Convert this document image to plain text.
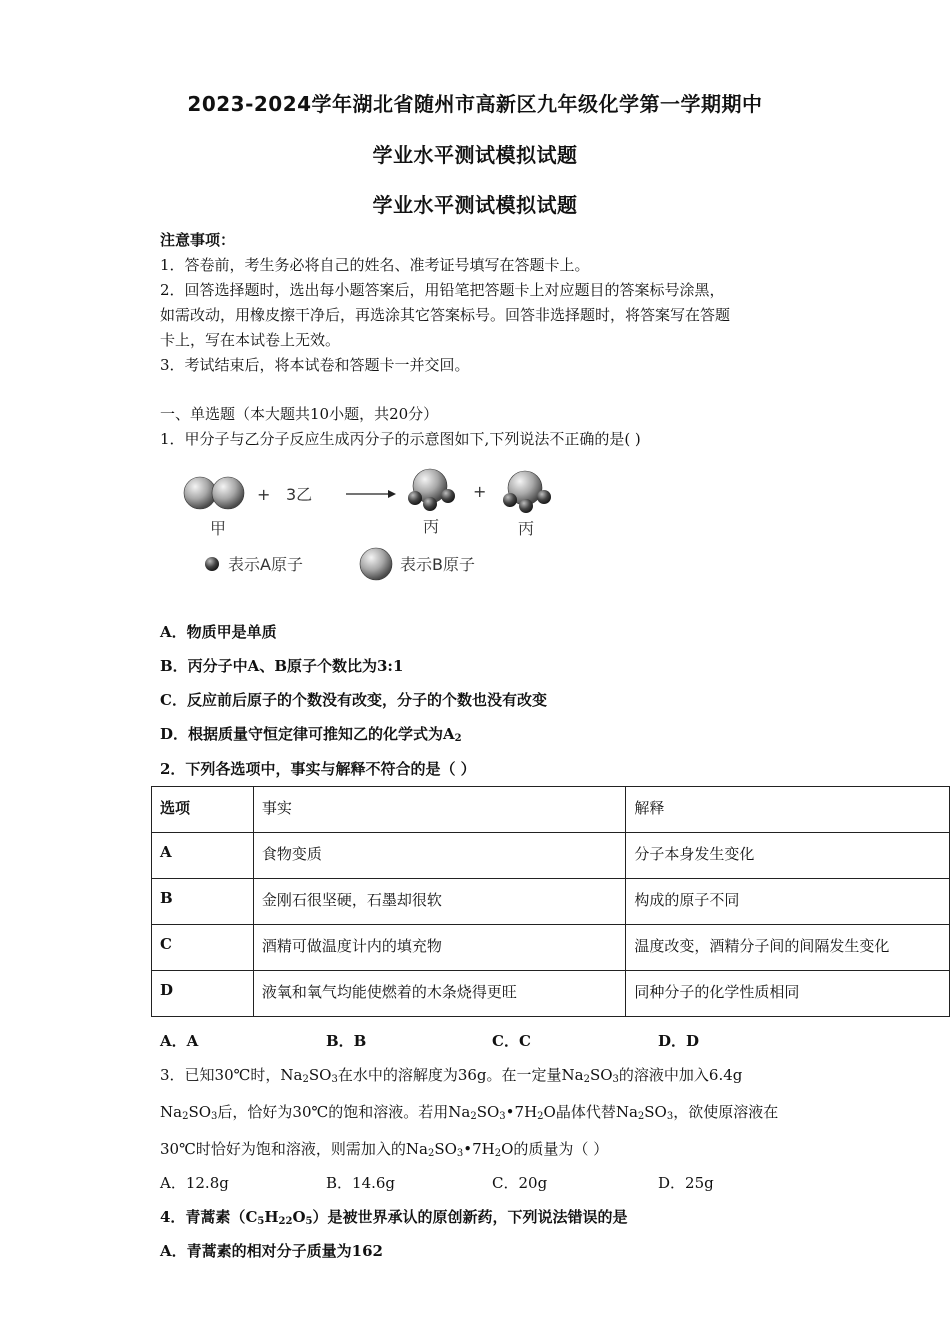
2023-2024学年湖北省随州市高新区九年级化学第一学期期中
学业水平测试模拟试题
学业水平测试模拟试题
注意事项：
1．答卷前，考生务必将自己的姓名、准考证号填写在答题卡上。
2．回答选择题时，选出每小题答案后，用铅笔把答题卡上对应题目的答案标号涂黑，
如需改动，用橡皮擦干净后，再选涂其它答案标号。回答非选择题时，将答案写在答题
卡上，写在本试卷上无效。
3．考试结束后，将本试卷和答题卡一并交回。
一、单选题（本大题共10小题，共20分）
1．甲分子与乙分子反应生成丙分子的示意图如下,下列说法不正确的是( )
+ 3乙	+
甲	丙	丙
表示A原子	表示B原子
A．物质甲是单质
B．丙分子中A、B原子个数比为3:1
C．反应前后原子的个数没有改变，分子的个数也没有改变
D．根据质量守恒定律可推知乙的化学式为$A_2$
2．下列各选项中，事实与解释不符合的是（ ）
选项	事实	解释
A	食物变质	分子本身发生变化
B	金刚石很坚硬，石墨却很软	构成的原子不同
C	酒精可做温度计内的填充物	温度改变，酒精分子间的间隔发生变化
D	液氧和氧气均能使燃着的木条烧得更旺	同种分子的化学性质相同
A．A	B．B	C．C	D．D
3．已知30℃时，$Na_2SO_3$在水中的溶解度为36g。在一定量$Na_2SO_3$的溶液中加入6.4g
$Na_2SO_3$后，恰好为30℃的饱和溶液。若用$Na_2SO_3•7H_2O$晶体代替$Na_2SO_3$，欲使原溶液在
30℃时恰好为饱和溶液，则需加入的$Na_2SO_3•7H_2O$的质量为（ ）
A．12.8g	B．14.6g	C．20g	D．25g
4．青蒿素$(C_5H_{22}O_5)$是被世界承认的原创新药，下列说法错误的是
A．青蒿素的相对分子质量为162
